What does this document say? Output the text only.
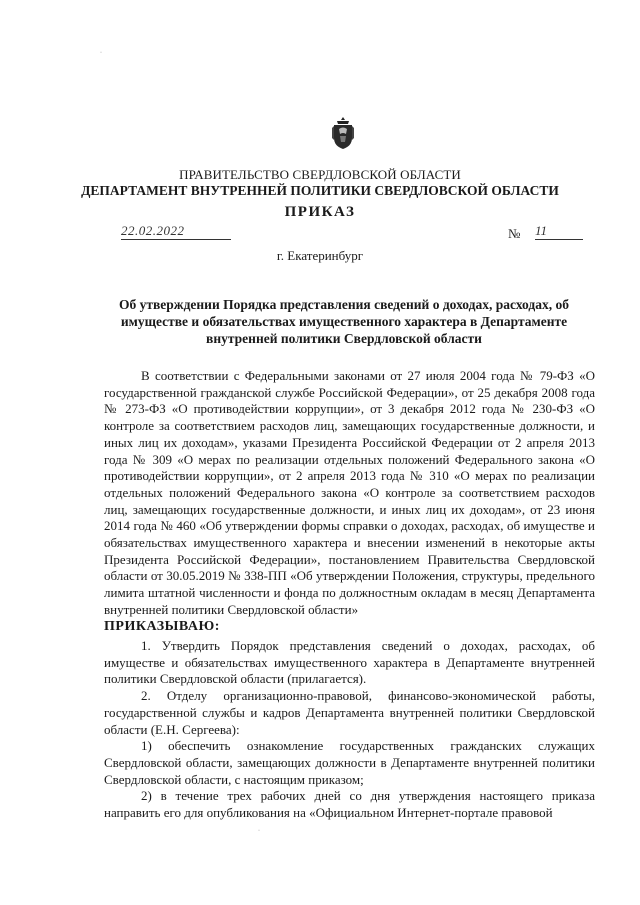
ПРАВИТЕЛЬСТВО СВЕРДЛОВСКОЙ ОБЛАСТИ
ДЕПАРТАМЕНТ ВНУТРЕННЕЙ ПОЛИТИКИ СВЕРДЛОВСКОЙ ОБЛАСТИ
ПРИКАЗ
22.02.2022	№ 11
г. Екатеринбург
Об утверждении Порядка представления сведений о доходах, расходах, об имуществе и обязательствах имущественного характера в Департаменте внутренней политики Свердловской области

В соответствии с Федеральными законами от 27 июля 2004 года № 79-ФЗ «О государственной гражданской службе Российской Федерации», от 25 декабря 2008 года № 273-ФЗ «О противодействии коррупции», от 3 декабря 2012 года № 230-ФЗ «О контроле за соответствием расходов лиц, замещающих государственные должности, и иных лиц их доходам», указами Президента Российской Федерации от 2 апреля 2013 года № 309 «О мерах по реализации отдельных положений Федерального закона «О противодействии коррупции», от 2 апреля 2013 года № 310 «О мерах по реализации отдельных положений Федерального закона «О контроле за соответствием расходов лиц, замещающих государственные должности, и иных лиц их доходам», от 23 июня 2014 года № 460 «Об утверждении формы справки о доходах, расходах, об имуществе и обязательствах имущественного характера и внесении изменений в некоторые акты Президента Российской Федерации», постановлением Правительства Свердловской области от 30.05.2019 № 338-ПП «Об утверждении Положения, структуры, предельного лимита штатной численности и фонда по должностным окладам в месяц Департамента внутренней политики Свердловской области»

ПРИКАЗЫВАЮ:

1. Утвердить Порядок представления сведений о доходах, расходах, об имуществе и обязательствах имущественного характера в Департаменте внутренней политики Свердловской области (прилагается).

2. Отделу организационно-правовой, финансово-экономической работы, государственной службы и кадров Департамента внутренней политики Свердловской области (Е.Н. Сергеева):

1) обеспечить ознакомление государственных гражданских служащих Свердловской области, замещающих должности в Департаменте внутренней политики Свердловской области, с настоящим приказом;

2) в течение трех рабочих дней со дня утверждения настоящего приказа направить его для опубликования на «Официальном Интернет-портале правовой

·
·
